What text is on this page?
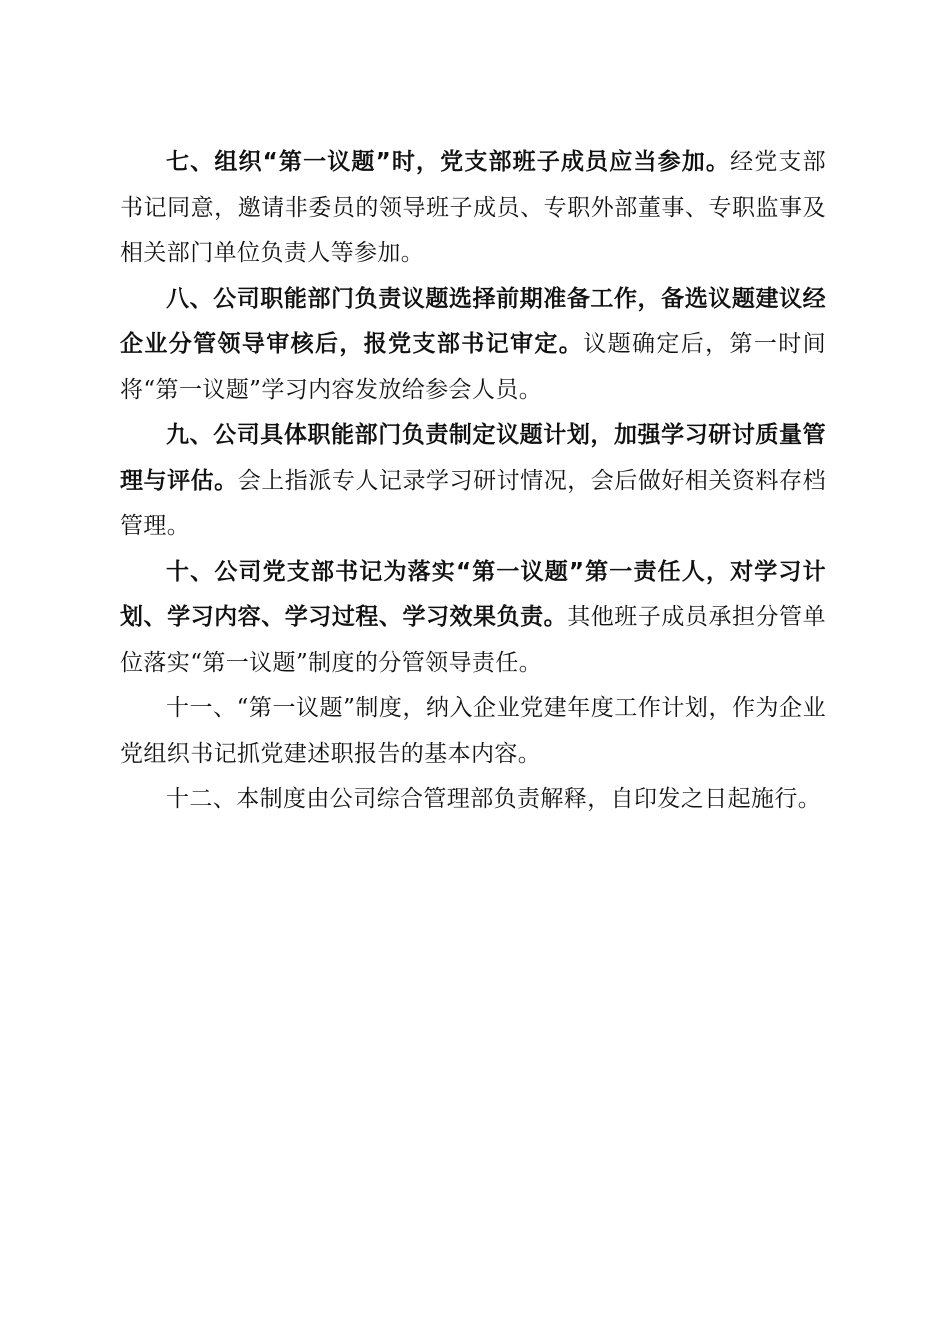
七、组织“第一议题”时，党支部班子成员应当参加。经党支部书记同意，邀请非委员的领导班子成员、专职外部董事、专职监事及相关部门单位负责人等参加。

八、公司职能部门负责议题选择前期准备工作，备选议题建议经企业分管领导审核后，报党支部书记审定。议题确定后，第一时间将“第一议题”学习内容发放给参会人员。

九、公司具体职能部门负责制定议题计划，加强学习研讨质量管理与评估。会上指派专人记录学习研讨情况，会后做好相关资料存档管理。

十、公司党支部书记为落实“第一议题”第一责任人，对学习计划、学习内容、学习过程、学习效果负责。其他班子成员承担分管单位落实“第一议题”制度的分管领导责任。

十一、“第一议题”制度，纳入企业党建年度工作计划，作为企业党组织书记抓党建述职报告的基本内容。

十二、本制度由公司综合管理部负责解释，自印发之日起施行。
